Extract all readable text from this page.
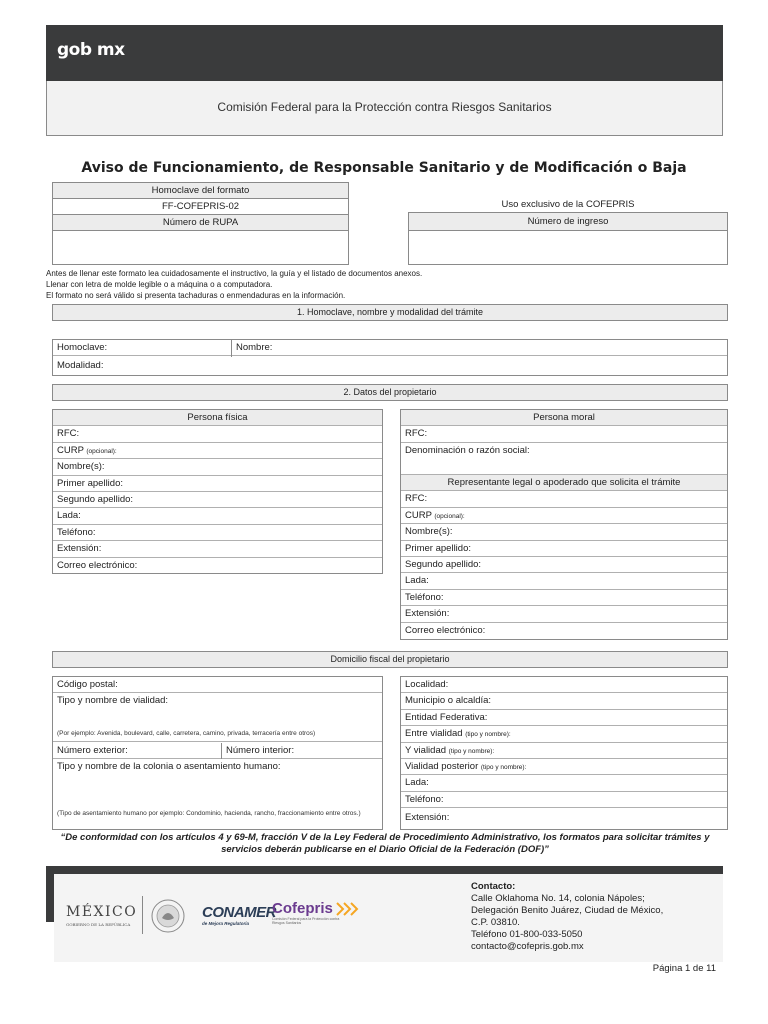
gob mx
Comisión Federal para la Protección contra Riesgos Sanitarios
Aviso de Funcionamiento, de Responsable Sanitario y de Modificación o Baja
Homoclave del formato
FF-COFEPRIS-02
Número de RUPA
Uso exclusivo de la COFEPRIS
Número de ingreso
Antes de llenar este formato lea cuidadosamente el instructivo, la guía y el listado de documentos anexos.
Llenar con letra de molde legible o a máquina o a computadora.
El formato no será válido si presenta tachaduras o enmendaduras en la información.
1. Homoclave, nombre y modalidad del trámite
Homoclave:	Nombre:
Modalidad:
2. Datos del propietario
Persona física
RFC:
CURP (opcional):
Nombre(s):
Primer apellido:
Segundo apellido:
Lada:
Teléfono:
Extensión:
Correo electrónico:
Persona moral
RFC:
Denominación o razón social:
Representante legal o apoderado que solicita el trámite
RFC:
CURP (opcional):
Nombre(s):
Primer apellido:
Segundo apellido:
Lada:
Teléfono:
Extensión:
Correo electrónico:
Domicilio fiscal del propietario
Código postal:
Tipo y nombre de vialidad:
(Por ejemplo: Avenida, boulevard, calle, carretera, camino, privada, terracería entre otros)
Número exterior:	Número interior:
Tipo y nombre de la colonia o asentamiento humano:
(Tipo de asentamiento humano por ejemplo: Condominio, hacienda, rancho, fraccionamiento entre otros.)
Localidad:
Municipio o alcaldía:
Entidad Federativa:
Entre vialidad (tipo y nombre):
Y vialidad (tipo y nombre):
Vialidad posterior (tipo y nombre):
Lada:
Teléfono:
Extensión:
“De conformidad con los artículos 4 y 69-M, fracción V de la Ley Federal de Procedimiento Administrativo, los formatos para solicitar trámites y servicios deberán publicarse en el Diario Oficial de la Federación (DOF)”
MÉXICO
GOBIERNO DE LA REPÚBLICA
CONAMER
de Mejora Regulatoria
Cofepris
Comisión Federal para la Protección contra Riesgos Sanitarios
Contacto:
Calle Oklahoma No. 14, colonia Nápoles;
Delegación Benito Juárez, Ciudad de México,
C.P. 03810.
Teléfono 01-800-033-5050
contacto@cofepris.gob.mx
Página 1 de 11
